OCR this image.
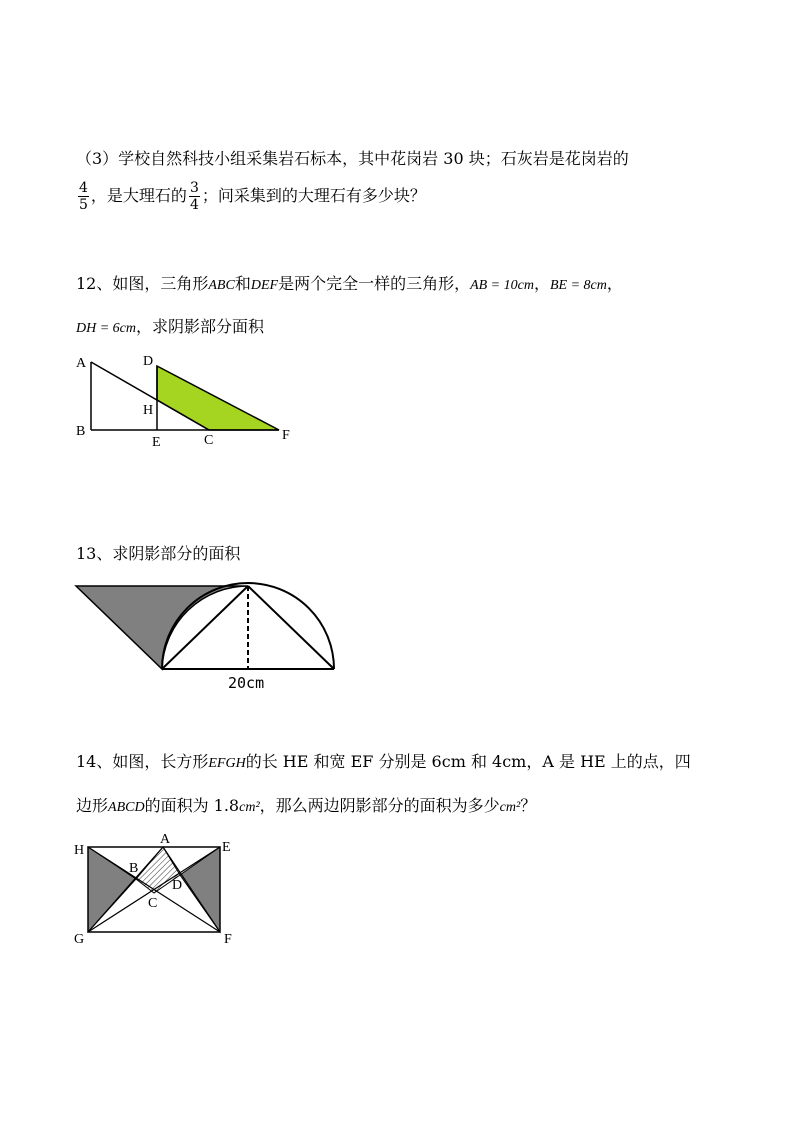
（3）学校自然科技小组采集岩石标本，其中花岗岩 30 块；石灰岩是花岗岩的
$\frac{4}{5}$ ，是大理石的 $\frac{3}{4}$ ；问采集到的大理石有多少块？
12、如图，三角形ABC和DEF是两个完全一样的三角形，AB = 10cm，BE = 8cm，
DH = 6cm，求阴影部分面积
A
B
D
H
E	C	F
13、求阴影部分的面积
20cm
14、如图，长方形EFGH的长 HE 和宽 EF 分别是 6cm 和 4cm，A 是 HE 上的点，四
边形ABCD的面积为 1.8cm²，那么两边阴影部分的面积为多少cm²？
A
B
C
D
E
F
G
H
